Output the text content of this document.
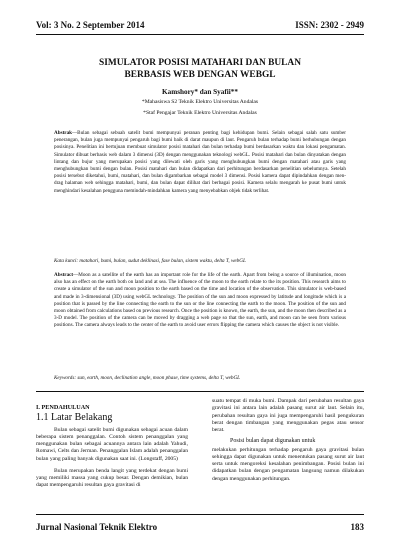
Vol: 3 No. 2 September 2014	ISSN: 2302 - 2949
SIMULATOR POSISI MATAHARI DAN BULAN
BERBASIS WEB DENGAN WEBGL
Kamshory* dan Syafii**
*Mahasiswa S2 Teknik Elektro Universitas Andalas
*Staf Pengajar Teknik Elektro Universitas Andalas
Abstrak—Bulan sebagai sebuah satelit bumi mempunyai peranan penting bagi kehidupan bumi. Selain sebagai salah satu sumber penerangan, bulan juga mempunyai pengaruh bagi bumi baik di darat maupun di laut. Pengaruh bulan terhadap bumi berhubungan dengan posisinya. Penelitian ini bertujuan membuat simulator posisi matahari dan bulan terhadap bumi berdasarkan waktu dan lokasi pengamatan. Simulator dibuat berbasis web dalam 3 dimensi (3D) dengan menggunakan teknologi webGL. Posisi matahari dan bulan dinyatakan dengan lintang dan bujur yang merupakan posisi yang dilewati oleh garis yang menghubungkan bumi dengan matahari atau garis yang menghubungkan bumi dengan bulan. Posisi matahari dan bulan didapatkan dari perhitungan berdasarkan penelitian sebelumnya. Setelah posisi tersebut diketahui, bumi, matahari, dan bulan digambarkan sebagai model 3 dimensi. Posisi kamera dapat dipindahkan dengan men-drag halaman web sehingga matahari, bumi, dan bulan dapat dilihat dari berbagai posisi. Kamera selalu mengarah ke pusat bumi untuk menghindari kesalahan pengguna memindah-mindahkan kamera yang menyebabkan objek tidak terlihat.
Kata kunci: matahari, bumi, bulan, sudut deklinasi, fase bulan, sistem waktu, delta T, webGL
Abstract—Moon as a satellite of the earth has an important role for the life of the earth. Apart from being a source of illumination, moon also has an effect on the earth both on land and at sea. The influence of the moon to the earth relate to the its position. This research aims to create a simulator of the sun and moon position to the earth based on the time and location of the observation. This simulator is web-based and made in 3-dimensional (3D) using webGL technology. The position of the sun and moon expressed by latitude and longitude which is a position that is passed by the line connecting the earth to the sun or the line connecting the earth to the moon. The position of the sun and moon obtained from calculations based on previous research. Once the position is known, the earth, the sun, and the moon then described as a 3-D model. The position of the camera can be moved by dragging a web page so that the sun, earth, and moon can be seen from various positions. The camera always leads to the center of the earth to avoid user errors flipping the camera which causes the object is not visible.
Keywords: sun, earth, moon, declination angle, moon phase, time systems, delta T, webGL
I. PENDAHULUAN
1.1 Latar Belakang

Bulan sebagai satelit bumi digunakan sebagai acuan dalam beberapa sistem penanggalan. Contoh sistem penanggalan yang menggunakan bulan sebagai acuannya antara lain adalah Yahudi, Romawi, Celts dan Jerman. Penanggalan Islam adalah penanggalan bulan yang paling banyak digunakan saat ini. (Longstaff, 2005)

Bulan merupakan benda langit yang terdekat dengan bumi yang memiliki massa yang cukup besar. Dengan demikian, bulan dapat mempengaruhi resultan gaya gravitasi di

suatu tempat di muka bumi. Dampak dari perubahan resultan gaya gravitasi ini antara lain adalah pasang surut air laut. Selain itu, perubahan resultan gaya ini juga mempengaruhi hasil pengukuran berat dengan timbangan yang menggunakan pegas atau sensor berat.

Posisi bulan dapat digunakan untuk

melakukan perhitungan terhadap pengaruh gaya gravitasi bulan sehingga dapat digunakan untuk menentukan pasang surut air laut serta untuk mengoreksi kesalahan penimbangan. Posisi bulan ini didapatkan bulan dengan pengamatan langsung namun dilakukan dengan menggunakan perhitungan.

Jurnal Nasional Teknik Elektro	183
